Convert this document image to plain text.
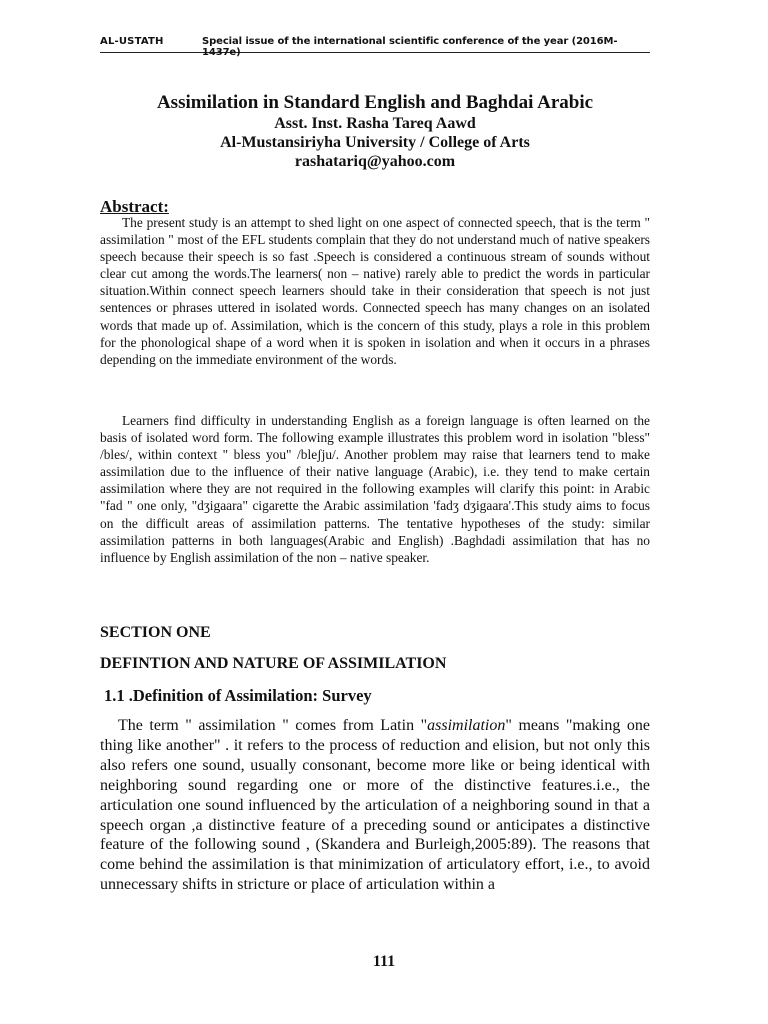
AL-USTATH	Special issue of the international scientific conference of the year (2016M-1437e)
Assimilation in Standard English and Baghdai Arabic
Asst. Inst. Rasha Tareq Aawd
Al-Mustansiriyha University / College of Arts
rashatariq@yahoo.com
Abstract:
The present study is an attempt to shed light on one aspect of connected speech, that is the term " assimilation " most of the EFL students complain that they do not understand much of native speakers speech because their speech is so fast .Speech is considered a continuous stream of sounds without clear cut among the words.The learners( non – native) rarely able to predict the words in particular situation.Within connect speech learners should take in their consideration that speech is not just sentences or phrases uttered in isolated words. Connected speech has many changes on an isolated words that made up of. Assimilation, which is the concern of this study, plays a role in this problem for the phonological shape of a word when it is spoken in isolation and when it occurs in a phrases depending on the immediate environment of the words.
Learners find difficulty in understanding English as a foreign language is often learned on the basis of isolated word form. The following example illustrates this problem word in isolation "bless" /bles/, within context " bless you" /bleʃju/. Another problem may raise that learners tend to make assimilation due to the influence of their native language (Arabic), i.e. they tend to make certain assimilation where they are not required in the following examples will clarify this point: in Arabic "fad " one only, "dʒigaara" cigarette the Arabic assimilation 'fadʒ dʒigaara'.This study aims to focus on the difficult areas of assimilation patterns. The tentative hypotheses of the study: similar assimilation patterns in both languages(Arabic and English) .Baghdadi assimilation that has no influence by English assimilation of the non – native speaker.
SECTION ONE
DEFINTION AND NATURE OF ASSIMILATION
1.1 .Definition of Assimilation: Survey
The term " assimilation " comes from Latin "assimilation" means "making one thing like another" . it refers to the process of reduction and elision, but not only this also refers one sound, usually consonant, become more like or being identical with neighboring sound regarding one or more of the distinctive features.i.e., the articulation one sound influenced by the articulation of a neighboring sound in that a speech organ ,a distinctive feature of a preceding sound or anticipates a distinctive feature of the following sound , (Skandera and Burleigh,2005:89). The reasons that come behind the assimilation is that minimization of articulatory effort, i.e., to avoid unnecessary shifts in stricture or place of articulation within a
111
